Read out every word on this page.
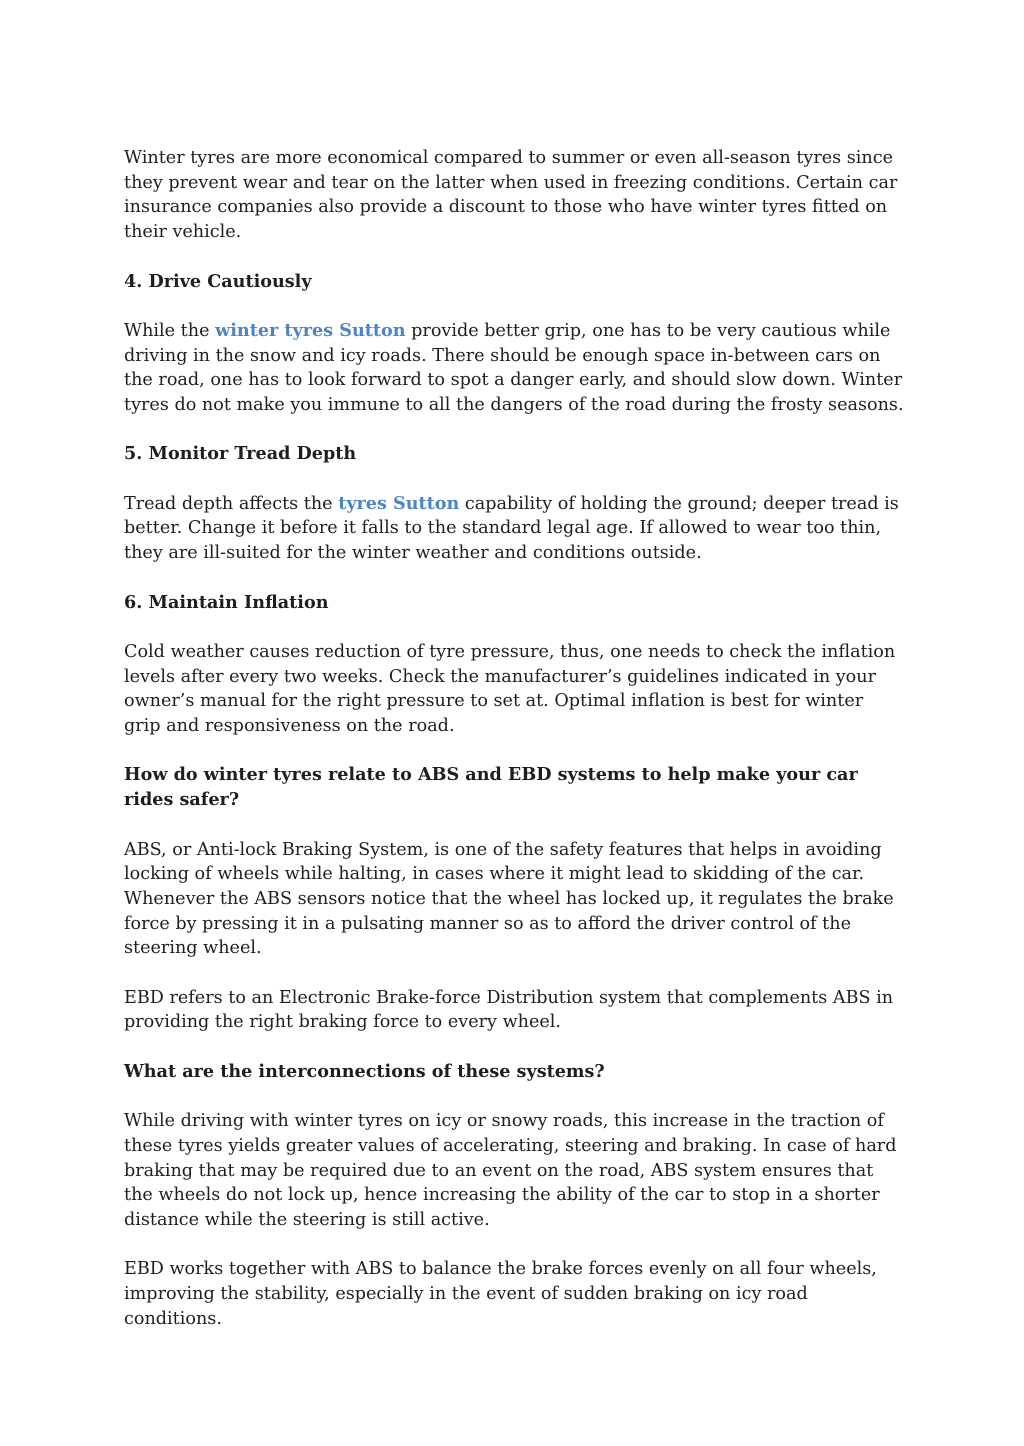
Winter tyres are more economical compared to summer or even all-season tyres since they prevent wear and tear on the latter when used in freezing conditions. Certain car insurance companies also provide a discount to those who have winter tyres fitted on their vehicle.

4. Drive Cautiously

While the winter tyres Sutton provide better grip, one has to be very cautious while driving in the snow and icy roads. There should be enough space in-between cars on the road, one has to look forward to spot a danger early, and should slow down. Winter tyres do not make you immune to all the dangers of the road during the frosty seasons.

5. Monitor Tread Depth

Tread depth affects the tyres Sutton capability of holding the ground; deeper tread is better. Change it before it falls to the standard legal age. If allowed to wear too thin, they are ill-suited for the winter weather and conditions outside.

6. Maintain Inflation

Cold weather causes reduction of tyre pressure, thus, one needs to check the inflation levels after every two weeks. Check the manufacturer’s guidelines indicated in your owner’s manual for the right pressure to set at. Optimal inflation is best for winter grip and responsiveness on the road.

How do winter tyres relate to ABS and EBD systems to help make your car rides safer?

ABS, or Anti-lock Braking System, is one of the safety features that helps in avoiding locking of wheels while halting, in cases where it might lead to skidding of the car. Whenever the ABS sensors notice that the wheel has locked up, it regulates the brake force by pressing it in a pulsating manner so as to afford the driver control of the steering wheel.

EBD refers to an Electronic Brake-force Distribution system that complements ABS in providing the right braking force to every wheel.

What are the interconnections of these systems?

While driving with winter tyres on icy or snowy roads, this increase in the traction of these tyres yields greater values of accelerating, steering and braking. In case of hard braking that may be required due to an event on the road, ABS system ensures that the wheels do not lock up, hence increasing the ability of the car to stop in a shorter distance while the steering is still active.

EBD works together with ABS to balance the brake forces evenly on all four wheels, improving the stability, especially in the event of sudden braking on icy road conditions.
